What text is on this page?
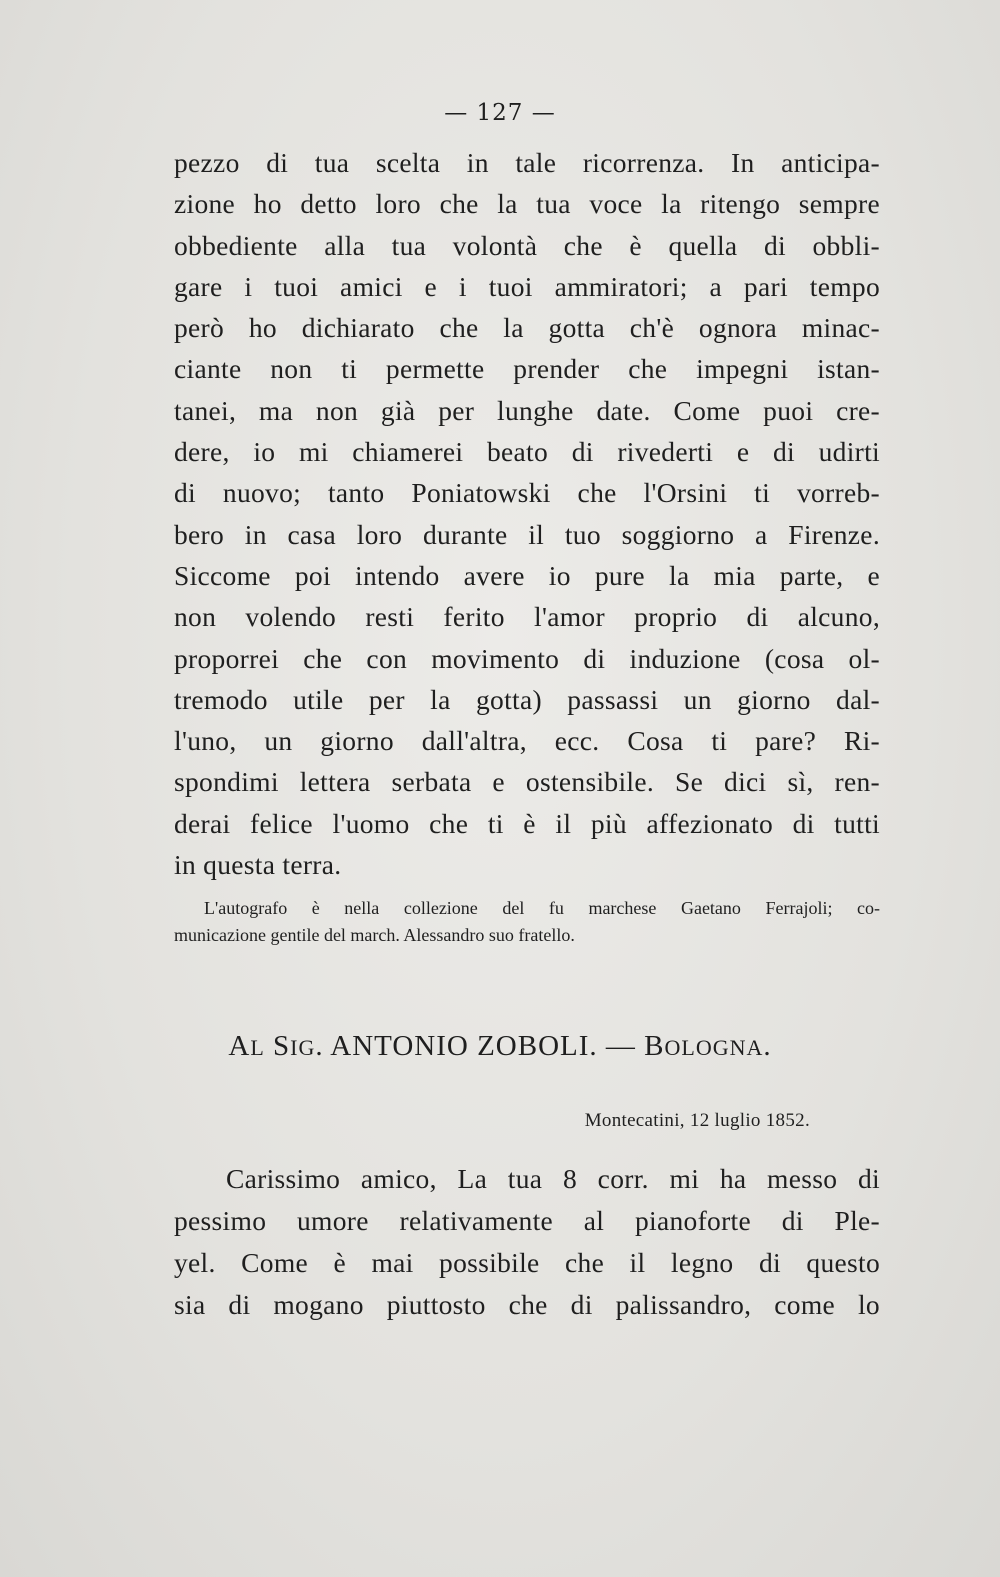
— 127 —
pezzo di tua scelta in tale ricorrenza. In anticipa-
zione ho detto loro che la tua voce la ritengo sempre
obbediente alla tua volontà che è quella di obbli-
gare i tuoi amici e i tuoi ammiratori; a pari tempo
però ho dichiarato che la gotta ch'è ognora minac-
ciante non ti permette prender che impegni istan-
tanei, ma non già per lunghe date. Come puoi cre-
dere, io mi chiamerei beato di rivederti e di udirti
di nuovo; tanto Poniatowski che l'Orsini ti vorreb-
bero in casa loro durante il tuo soggiorno a Firenze.
Siccome poi intendo avere io pure la mia parte, e
non volendo resti ferito l'amor proprio di alcuno,
proporrei che con movimento di induzione (cosa ol-
tremodo utile per la gotta) passassi un giorno dal-
l'uno, un giorno dall'altra, ecc. Cosa ti pare? Ri-
spondimi lettera serbata e ostensibile. Se dici sì, ren-
derai felice l'uomo che ti è il più affezionato di tutti
in questa terra.
L'autografo è nella collezione del fu marchese Gaetano Ferrajoli; co-
municazione gentile del march. Alessandro suo fratello.
AL SIG. ANTONIO ZOBOLI. — BOLOGNA.
Montecatini, 12 luglio 1852.
Carissimo amico, La tua 8 corr. mi ha messo di
pessimo umore relativamente al pianoforte di Ple-
yel. Come è mai possibile che il legno di questo
sia di mogano piuttosto che di palissandro, come lo
